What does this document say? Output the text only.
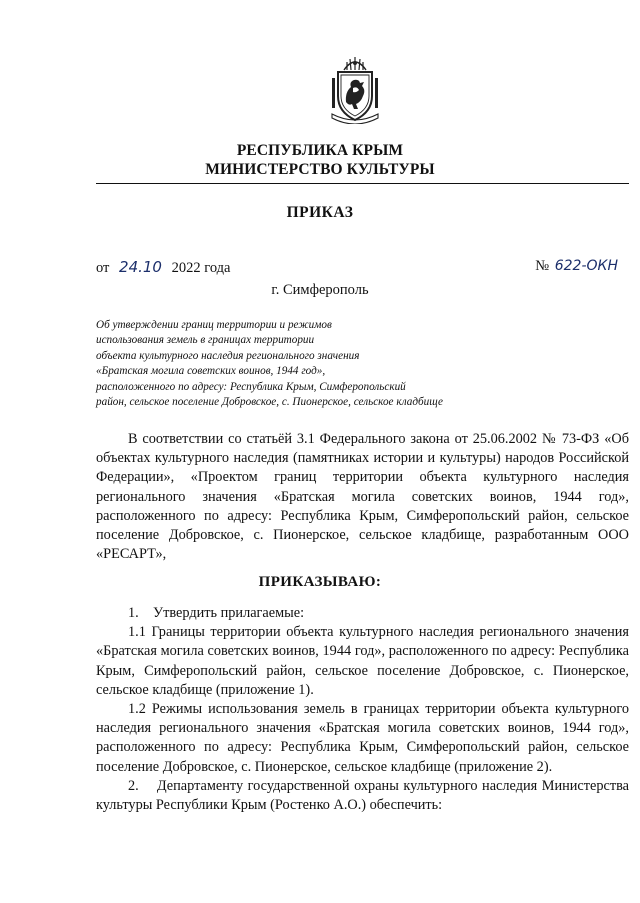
РЕСПУБЛИКА КРЫМ
МИНИСТЕРСТВО КУЛЬТУРЫ
ПРИКАЗ
от 24.10 2022 года	№ 622-ОКН
г. Симферополь
Об утверждении границ территории и режимов
использования земель в границах территории
объекта культурного наследия регионального значения
«Братская могила советских воинов, 1944 год»,
расположенного по адресу: Республика Крым, Симферопольский
район, сельское поселение Добровское, с. Пионерское, сельское кладбище
В соответствии со статьёй 3.1 Федерального закона от 25.06.2002 № 73-ФЗ «Об объектах культурного наследия (памятниках истории и культуры) народов Российской Федерации», «Проектом границ территории объекта культурного наследия регионального значения «Братская могила советских воинов, 1944 год», расположенного по адресу: Республика Крым, Симферопольский район, сельское поселение Добровское, с. Пионерское, сельское кладбище, разработанным ООО «РЕСАРТ»,
ПРИКАЗЫВАЮ:

1.    Утвердить прилагаемые:

1.1 Границы территории объекта культурного наследия регионального значения «Братская могила советских воинов, 1944 год», расположенного по адресу: Республика Крым, Симферопольский район, сельское поселение Добровское, с. Пионерское, сельское кладбище (приложение 1).

1.2 Режимы использования земель в границах территории объекта культурного наследия регионального значения «Братская могила советских воинов, 1944 год», расположенного по адресу: Республика Крым, Симферопольский район, сельское поселение Добровское, с. Пионерское, сельское кладбище (приложение 2).

2.    Департаменту государственной охраны культурного наследия Министерства культуры Республики Крым (Ростенко А.О.) обеспечить:
